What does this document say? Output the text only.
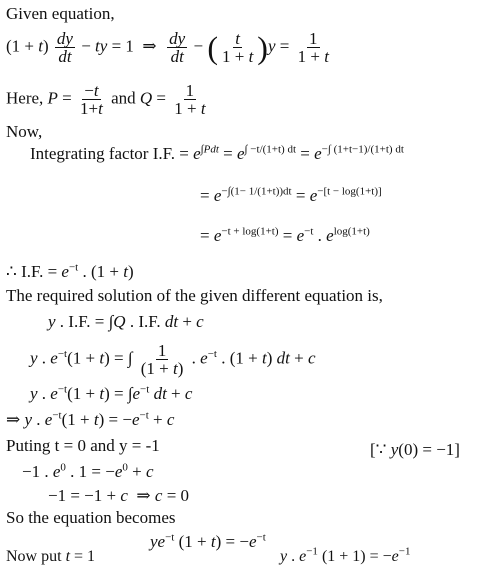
Given equation,
$(1 + t) \frac{dy}{dt}$ − ty = 1  ⇒ $\frac{dy}{dt}$ − ( $\frac{t}{1 + t} )y = \frac{1}{1 + t}$
Here, $P = \frac{-t}{1+t}$ and $Q = \frac{1}{1 + t}$
Now,
Integrating factor I.F. = $e^{\int Pdt} = e^{\int -t/(1+t) dt} = e^{-\int (1+t-1)/(1+t) dt}$
= $e^{-\int(1- 1/(1+t))dt} = e^{-[t - log(1+t)]}$
= $e^{-t + log(1+t)} = e^{-t}$ . $e^{log(1+t)}$
∴ I.F. = $e^{-t}$ . (1 + t)
The required solution of the given different equation is,
y . I.F. = ∫Q . I.F. dt + c
y . $e^{-t}(1 + t)$ = ∫ $\frac{1}{(1 + t)}$ . $e^{-t}$ . (1 + t) dt + c
y . $e^{-t}(1 + t) = \int e^{-t}$ dt + c
⇒ y . $e^{-t}(1 + t) = -e^{-t} + c$
Puting t = 0 and y = -1	[∵ y(0) = −1]
−1 . $e^0$ . $1 = -e^0 + c$
−1 = −1 + c  ⇒ c = 0
So the equation becomes
$ye^{-t}$ $(1 + t) = -e^{-t}$
Now put t = 1	y . $e^{-1}$ $(1 + 1) = -e^{-1}$
